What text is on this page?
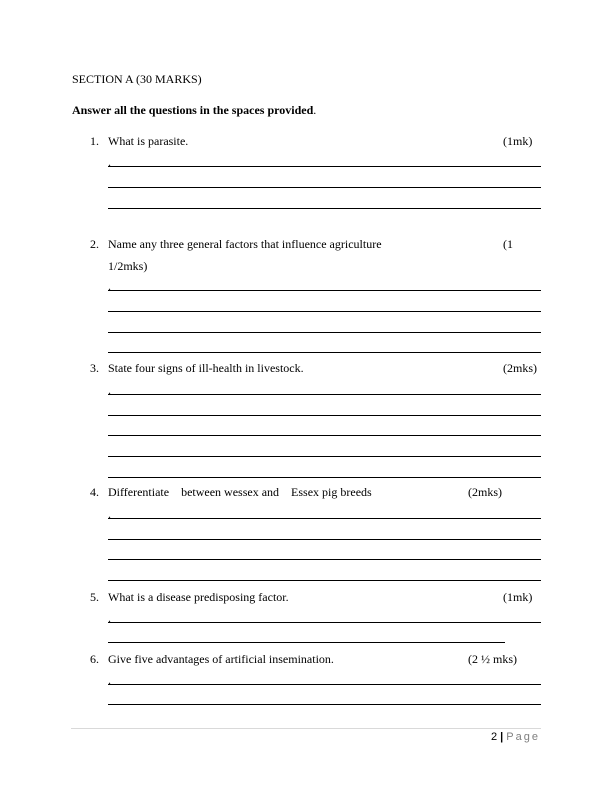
SECTION A (30 MARKS)
Answer all the questions in the spaces provided.
1. What is parasite.	(1mk)
.
2. Name any three general factors that influence agriculture	(1
1/2mks)
.
3. State four signs of ill-health in livestock.	(2mks)
.
4. Differentiate    between wessex and    Essex pig breeds	(2mks)
.
5. What is a disease predisposing factor.	(1mk)
.
6. Give five advantages of artificial insemination.	(2 ½ mks)
.
2 | Page
